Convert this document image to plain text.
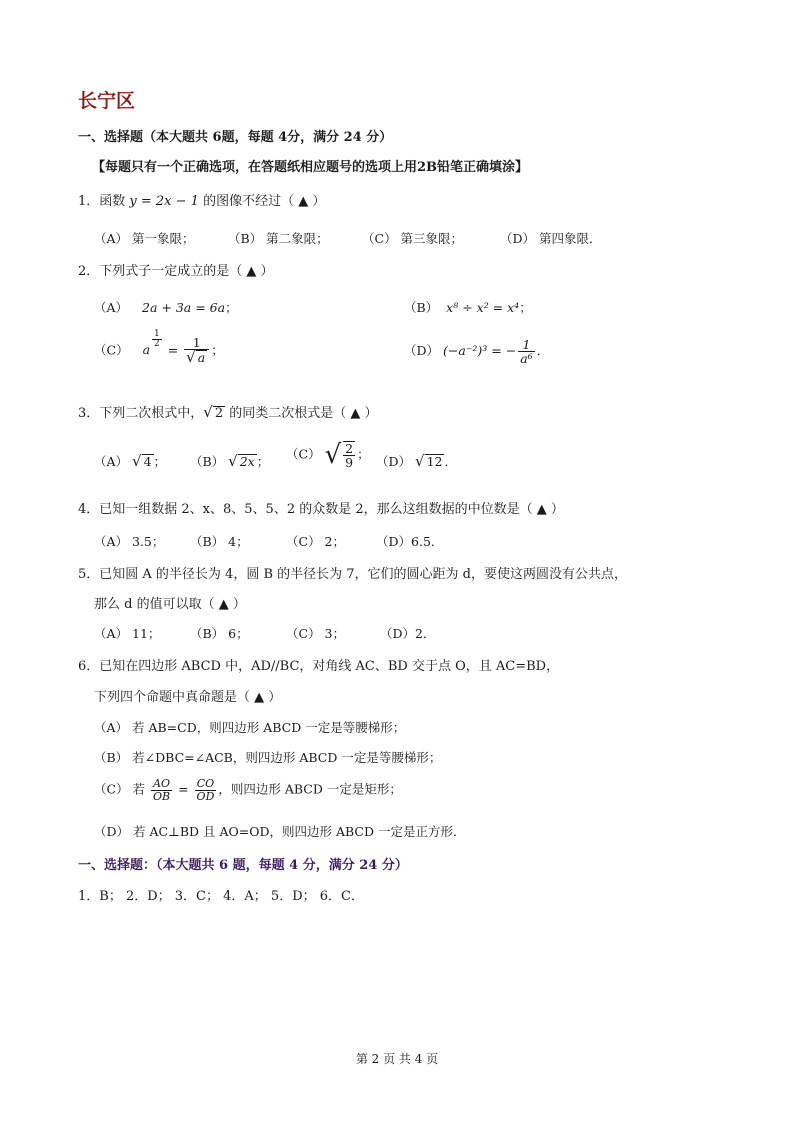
长宁区
一、选择题（本大题共 6题，每题 4分，满分 24 分）
【每题只有一个正确选项，在答题纸相应题号的选项上用2B铅笔正确填涂】
1．函数 y = 2x − 1 的图像不经过（ ▲ ）
（A） 第一象限；	（B） 第二象限；	（C） 第三象限；	（D） 第四象限．
2．下列式子一定成立的是（ ▲ ）
（A） 2a + 3a = 6a；	（B） x⁸ ÷ x² = x⁴；
（C） a
$\frac{1}{2}$
= $\frac{1}{√ a}$ ；	（D） (−a⁻²)³ = − $\frac{1}{\text{a⁶}}$ ．
3．下列二次根式中，√ 2 的同类二次根式是（ ▲ ）
（A） √ 4 ； （B） √ 2x ； （C） √ $\frac{2}{9}$ ； （D） √ 12 ．
4．已知一组数据 2、x、8、5、5、2 的众数是 2，那么这组数据的中位数是（ ▲ ）
（A） 3.5； （B） 4；	（C） 2； （D）6.5．
5．已知圆 A 的半径长为 4，圆 B 的半径长为 7，它们的圆心距为 d，要使这两圆没有公共点，
那么 d 的值可以取（ ▲ ）
（A） 11； （B） 6；	（C） 3；	（D）2．
6．已知在四边形 ABCD 中，AD//BC，对角线 AC、BD 交于点 O，且 AC=BD，
下列四个命题中真命题是（ ▲ ）
（A） 若 AB=CD，则四边形 ABCD 一定是等腰梯形；
（B） 若∠DBC=∠ACB，则四边形 ABCD 一定是等腰梯形；
（C） 若 $\frac{AO}{OB} = \frac{CO}{OD}$ ，则四边形 ABCD 一定是矩形；
（D） 若 AC⊥BD 且 AO=OD，则四边形 ABCD 一定是正方形．
一、选择题：（本大题共 6 题，每题 4 分，满分 24 分）
1．B； 2．D； 3．C； 4．A； 5．D； 6．C．
第 2 页 共 4 页
